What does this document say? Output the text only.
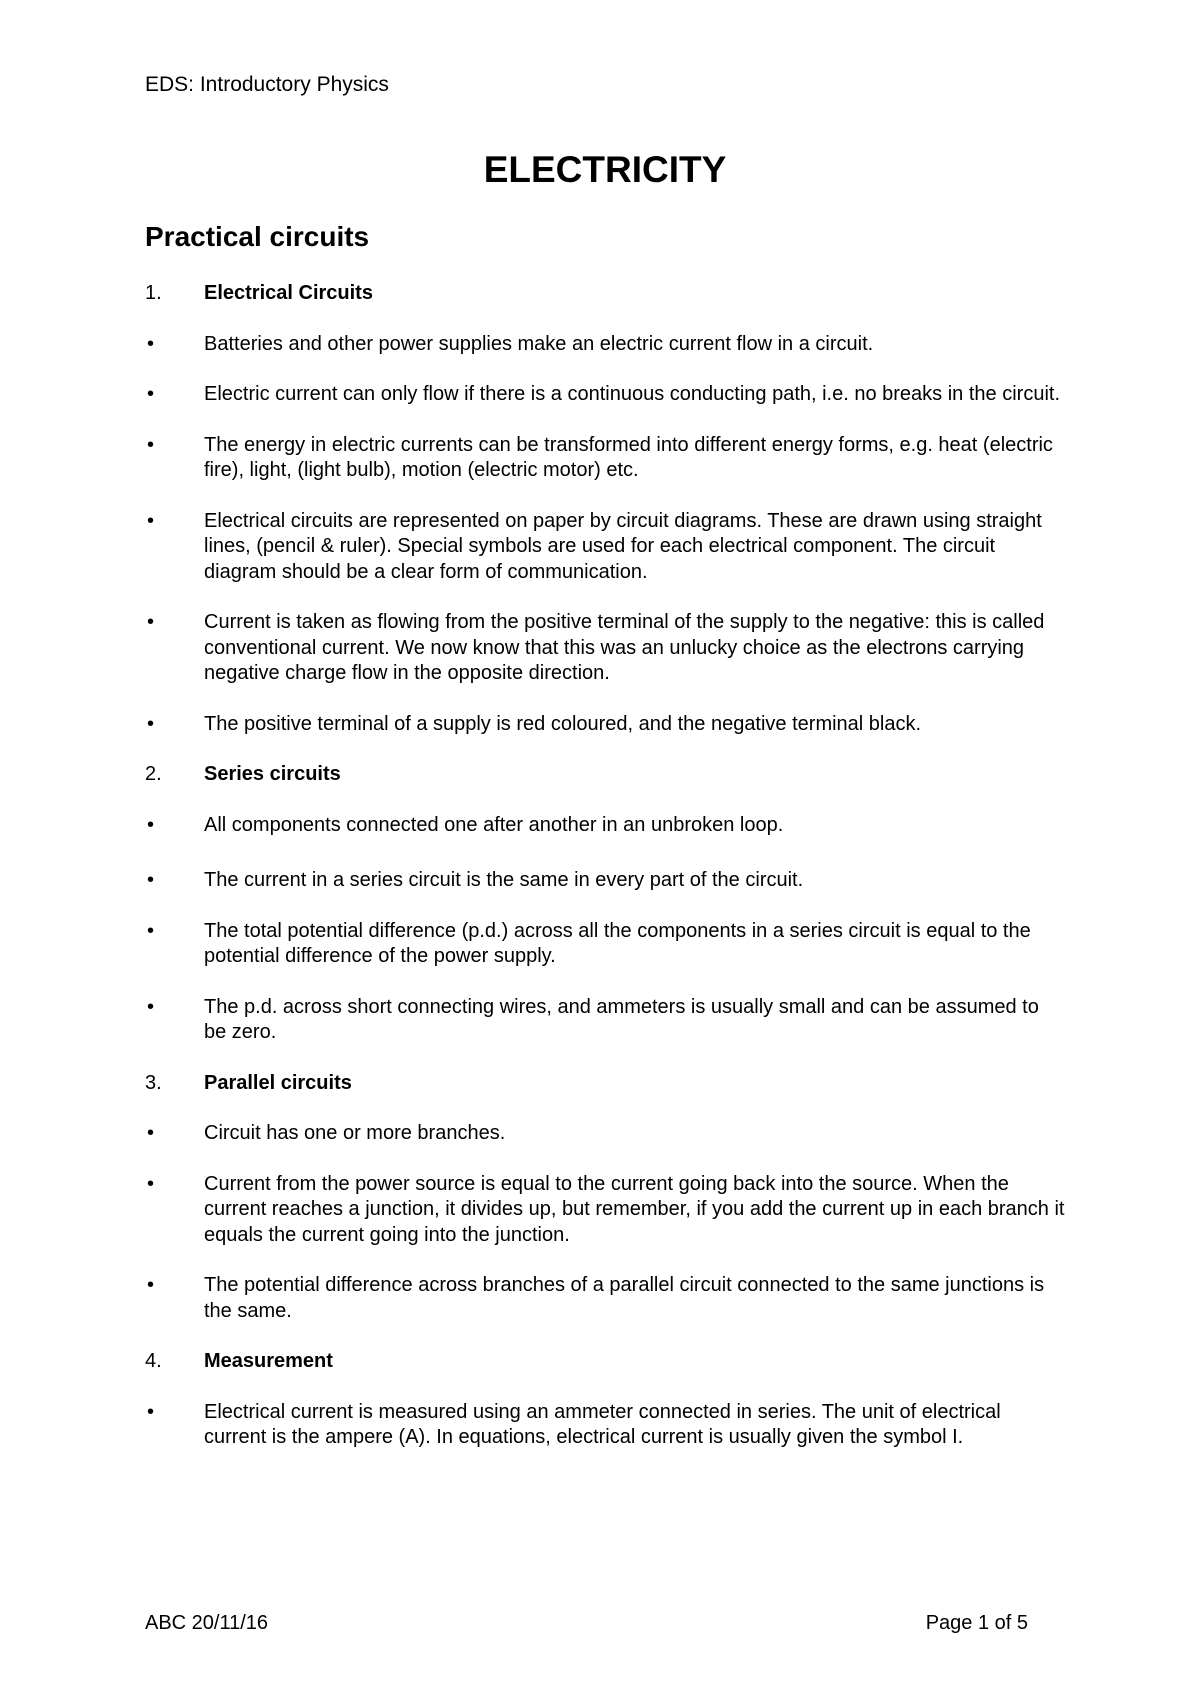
EDS: Introductory Physics
ELECTRICITY
Practical circuits
1.	Electrical Circuits
•	Batteries and other power supplies make an electric current flow in a circuit.
•	Electric current can only flow if there is a continuous conducting path, i.e. no breaks in the circuit.
•	The energy in electric currents can be transformed into different energy forms, e.g. heat (electric fire), light, (light bulb), motion (electric motor) etc.
•	Electrical circuits are represented on paper by circuit diagrams. These are drawn using straight lines, (pencil & ruler). Special symbols are used for each electrical component. The circuit diagram should be a clear form of communication.
•	Current is taken as flowing from the positive terminal of the supply to the negative: this is called conventional current. We now know that this was an unlucky choice as the electrons carrying negative charge flow in the opposite direction.
•	The positive terminal of a supply is red coloured, and the negative terminal black.
2.	Series circuits
•	All components connected one after another in an unbroken loop.
•	The current in a series circuit is the same in every part of the circuit.
•	The total potential difference (p.d.) across all the components in a series circuit is equal to the potential difference of the power supply.
•	The p.d. across short connecting wires, and ammeters is usually small and can be assumed to be zero.
3.	Parallel circuits
•	Circuit has one or more branches.
•	Current from the power source is equal to the current going back into the source. When the current reaches a junction, it divides up, but remember, if you add the current up in each branch it equals the current going into the junction.
•	The potential difference across branches of a parallel circuit connected to the same junctions is the same.
4.	Measurement
•	Electrical current is measured using an ammeter connected in series. The unit of electrical current is the ampere (A). In equations, electrical current is usually given the symbol I.
ABC 20/11/16	Page 1 of 5
